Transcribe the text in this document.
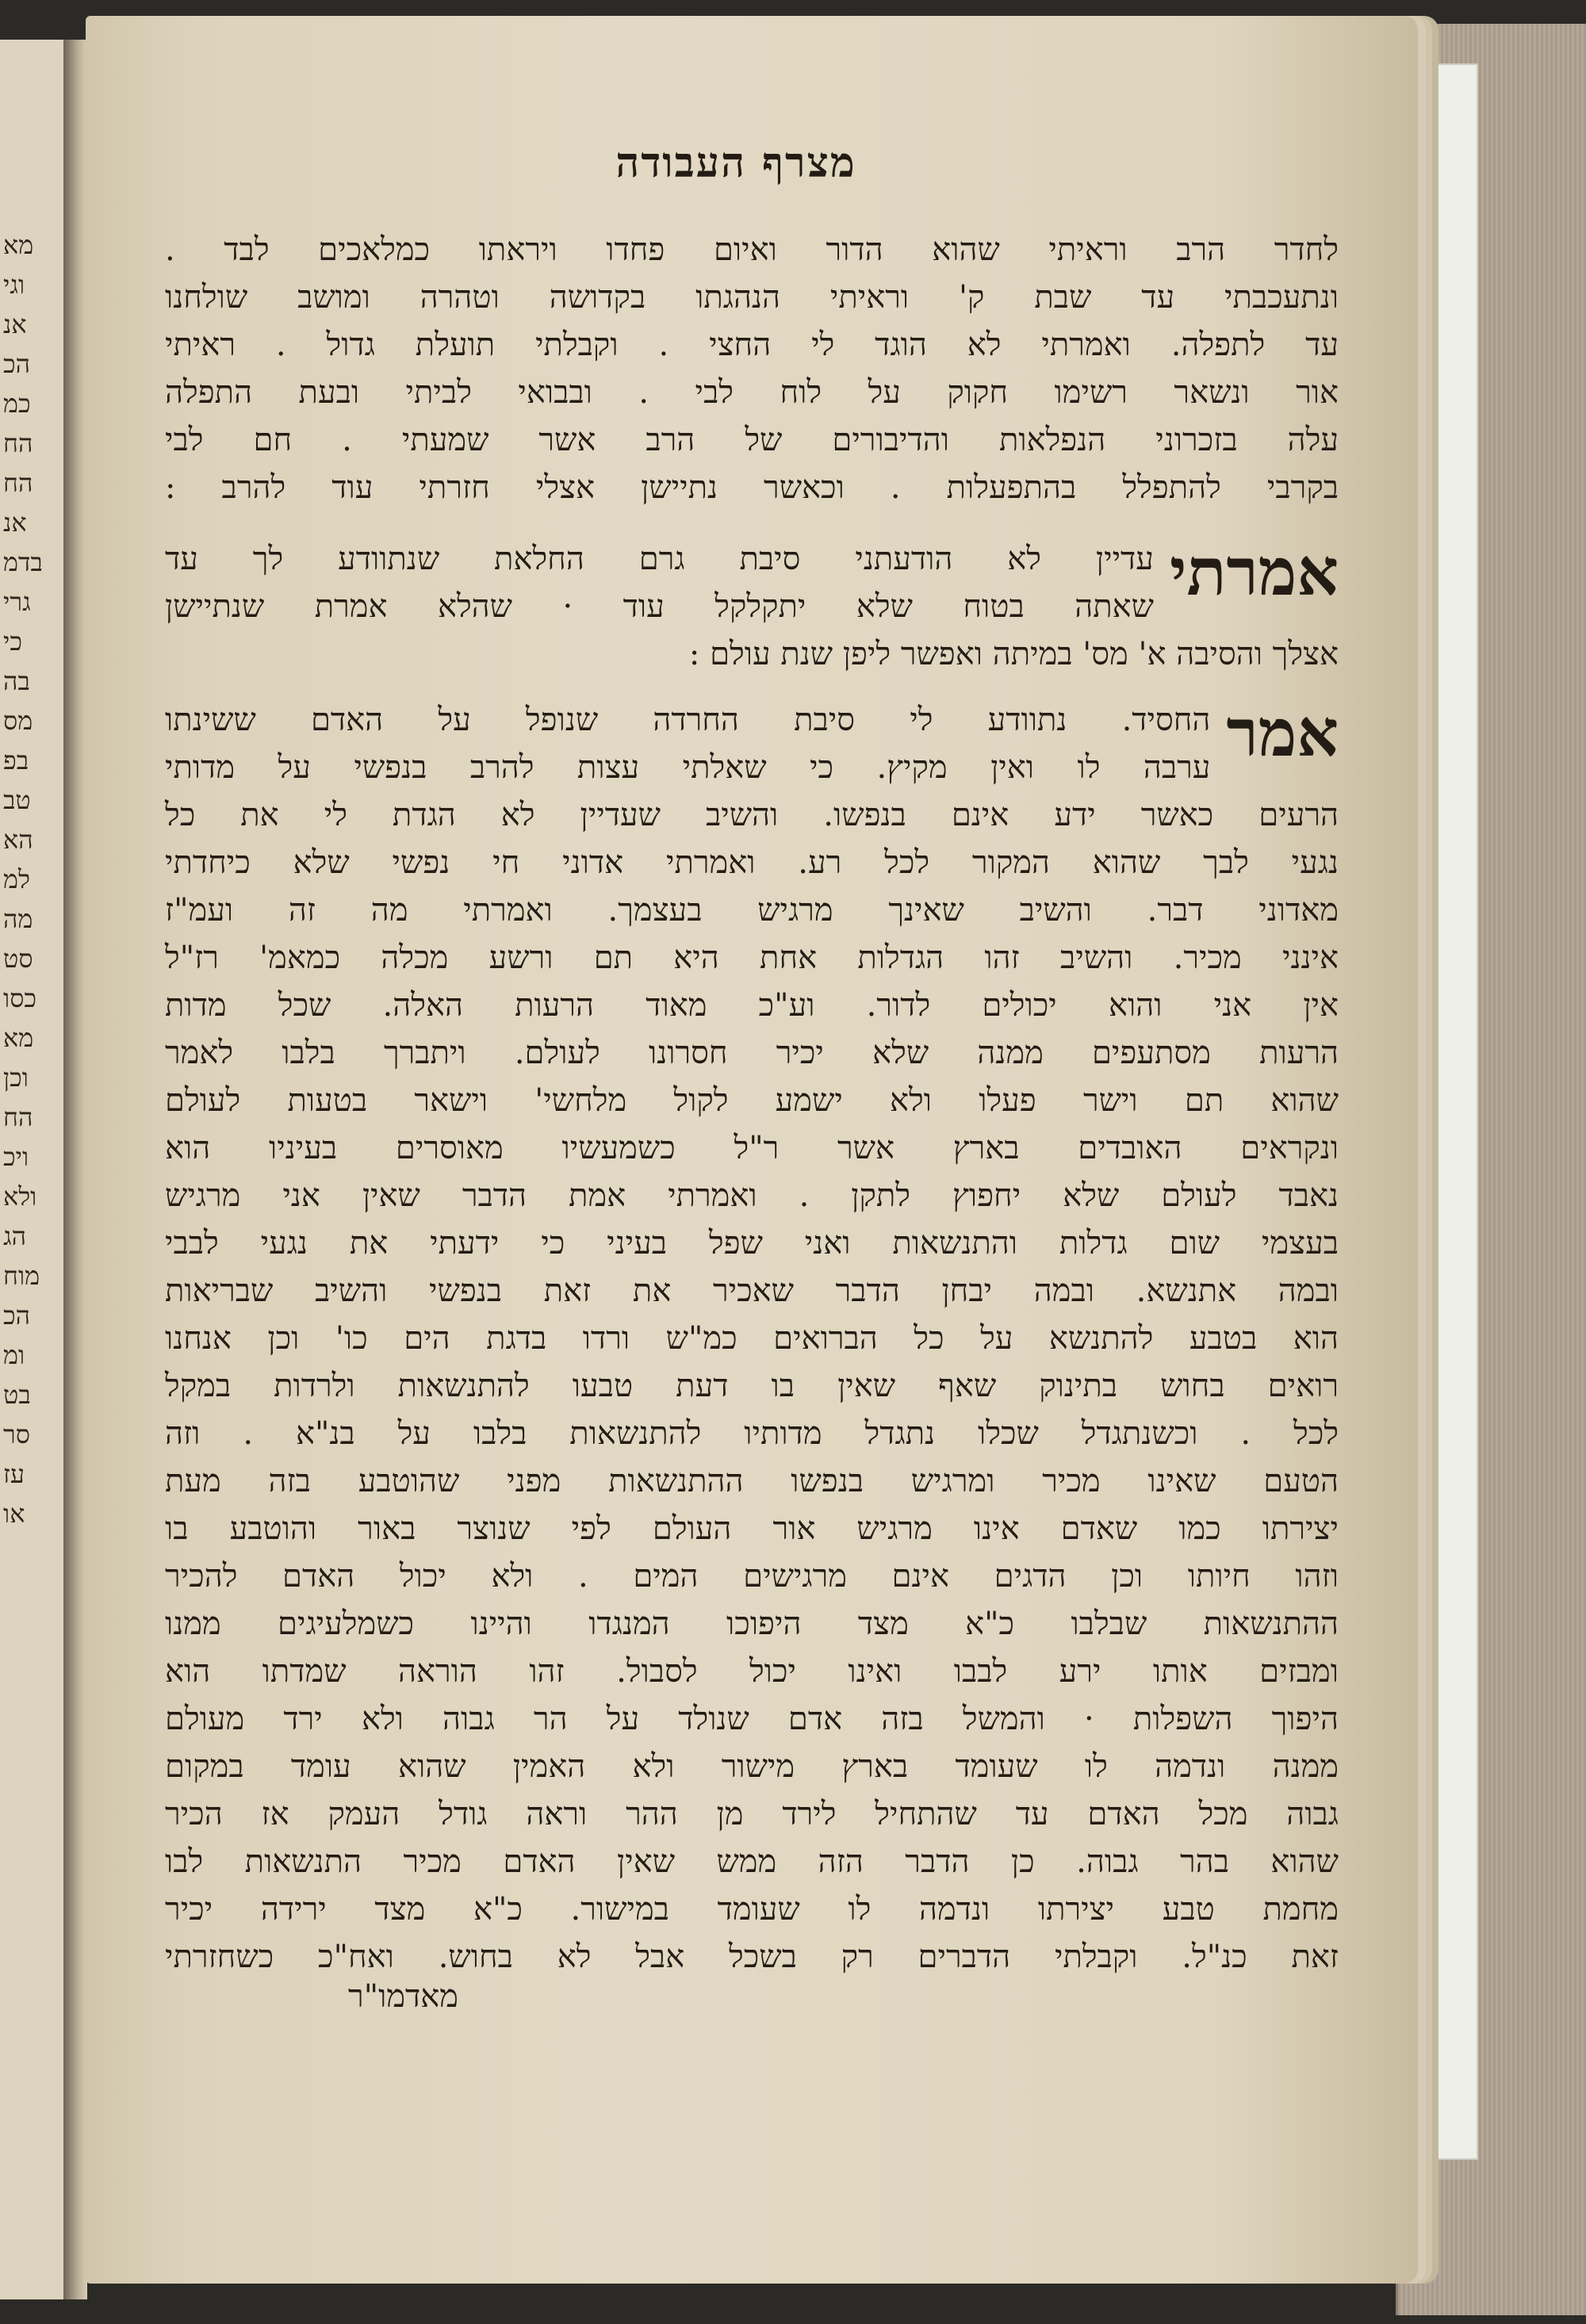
מא
וגי
אנ
הכ
כמ
הח
הח
אנ
בדמ
גרי
כי
בה
מס
בפ
טב
הא
למ
מה
סט
כסו
מא
וכן
הח
ויכ
ולא
הג
מוח
הכ
ומ
בט
סר
עז
או
מצרף העבודה
לחדר הרב וראיתי שהוא הדור ואיום פחדו ויראתו כמלאכים לבד .
ונתעכבתי עד שבת ק' וראיתי הנהגתו בקדושה וטהרה ומושב שולחנו
עד לתפלה. ואמרתי לא הוגד לי החצי . וקבלתי תועלת גדול . ראיתי
אור ונשאר רשימו חקוק על לוח לבי . ובבואי לביתי ובעת התפלה
עלה בזכרוני הנפלאות והדיבורים של הרב אשר שמעתי . חם לבי
בקרבי להתפלל בהתפעלות . וכאשר נתיישן אצלי חזרתי עוד להרב :
אמרתי
עדיין לא הודעתני סיבת גרם החלאת שנתוודע לך עד
שאתה בטוח שלא יתקלקל עוד · שהלא אמרת שנתיישן
אצלך והסיבה א' מס' במיתה ואפשר ליפן שנת עולם :
אמר
החסיד. נתוודע לי סיבת החרדה שנופל על האדם ששינתו
ערבה לו ואין מקיץ. כי שאלתי עצות להרב בנפשי על מדותי
הרעים כאשר ידע אינם בנפשו. והשיב שעדיין לא הגדת לי את כל
נגעי לבך שהוא המקור לכל רע. ואמרתי אדוני חי נפשי שלא כיחדתי
מאדוני דבר. והשיב שאינך מרגיש בעצמך. ואמרתי מה זה ועמ"ז
אינני מכיר. והשיב זהו הגדלות אחת היא תם ורשע מכלה כמאמ' רז"ל
אין אני והוא יכולים לדור. וע"כ מאוד הרעות האלה. שכל מדות
הרעות מסתעפים ממנה שלא יכיר חסרונו לעולם. ויתברך בלבו לאמר
שהוא תם וישר פעלו ולא ישמע לקול מלחשי' וישאר בטעות לעולם
ונקראים האובדים בארץ אשר ר"ל כשמעשיו מאוסרים בעיניו הוא
נאבד לעולם שלא יחפוץ לתקן . ואמרתי אמת הדבר שאין אני מרגיש
בעצמי שום גדלות והתנשאות ואני שפל בעיני כי ידעתי את נגעי לבבי
ובמה אתנשא. ובמה יבחן הדבר שאכיר את זאת בנפשי והשיב שבריאות
הוא בטבע להתנשא על כל הברואים כמ"ש ורדו בדגת הים כו' וכן אנחנו
רואים בחוש בתינוק שאף שאין בו דעת טבעו להתנשאות ולרדות במקל
לכל . וכשנתגדל שכלו נתגדל מדותיו להתנשאות בלבו על בנ"א . וזה
הטעם שאינו מכיר ומרגיש בנפשו ההתנשאות מפני שהוטבע בזה מעת
יצירתו כמו שאדם אינו מרגיש אור העולם לפי שנוצר באור והוטבע בו
וזהו חיותו וכן הדגים אינם מרגישים המים . ולא יכול האדם להכיר
ההתנשאות שבלבו כ"א מצד היפוכו המנגדו והיינו כשמלעיגים ממנו
ומבזים אותו ירע לבבו ואינו יכול לסבול. זהו הוראה שמדתו הוא
היפוך השפלות · והמשל בזה אדם שנולד על הר גבוה ולא ירד מעולם
ממנה ונדמה לו שעומד בארץ מישור ולא האמין שהוא עומד במקום
גבוה מכל האדם עד שהתחיל לירד מן ההר וראה גודל העמק אז הכיר
שהוא בהר גבוה. כן הדבר הזה ממש שאין האדם מכיר התנשאות לבו
מחמת טבע יצירתו ונדמה לו שעומד במישור. כ"א מצד ירידה יכיר
זאת כנ"ל. וקבלתי הדברים רק בשכל אבל לא בחוש. ואח"כ כשחזרתי
מאדמו"ר
